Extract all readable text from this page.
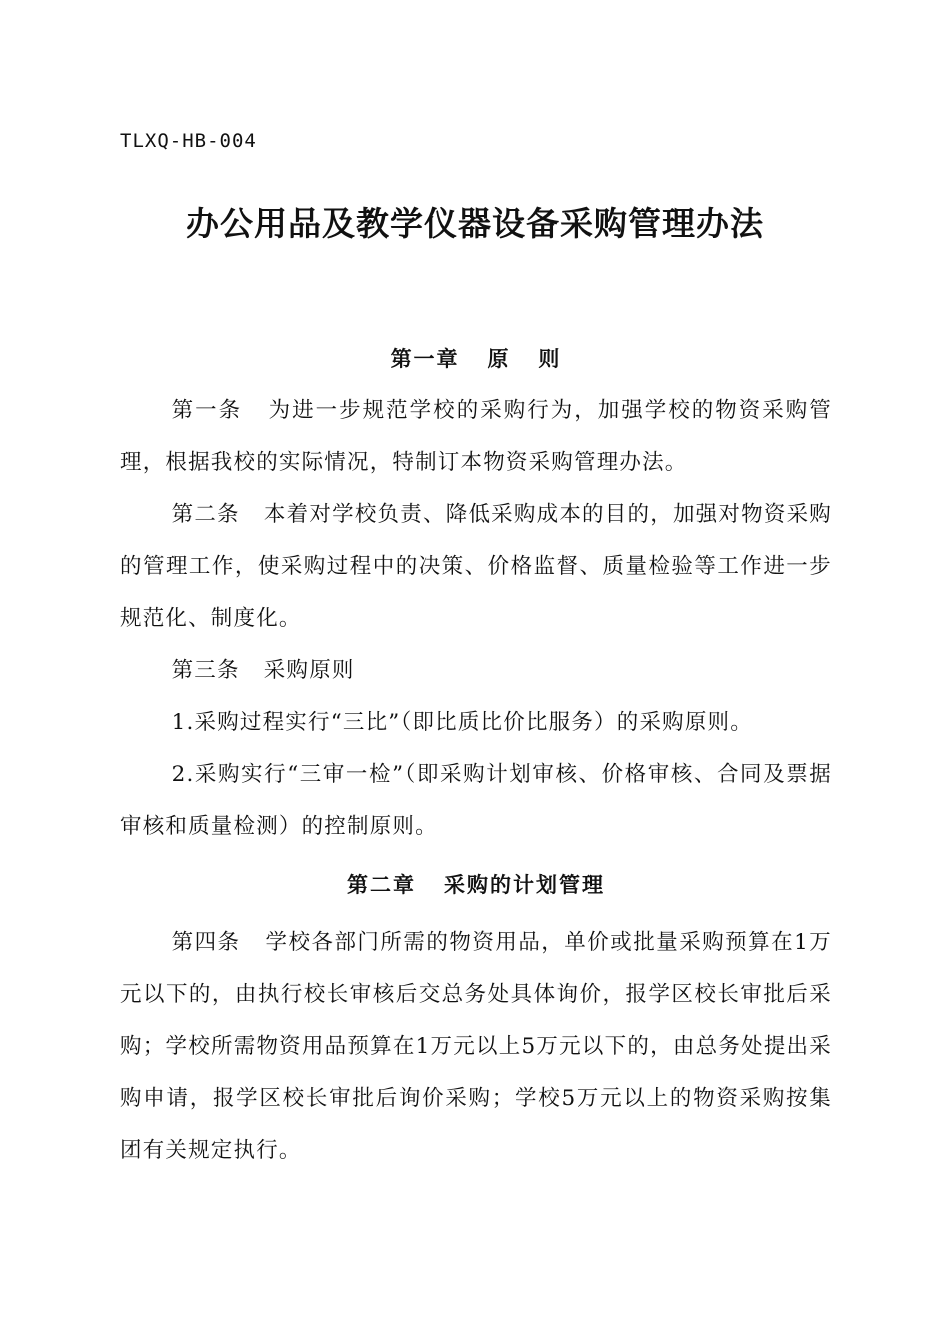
TLXQ-HB-004
办公用品及教学仪器设备采购管理办法
第一章   原   则

第一条   为进一步规范学校的采购行为，加强学校的物资采购管理，根据我校的实际情况，特制订本物资采购管理办法。

第二条   本着对学校负责、降低采购成本的目的，加强对物资采购的管理工作，使采购过程中的决策、价格监督、质量检验等工作进一步规范化、制度化。

第三条   采购原则

1.采购过程实行“三比”（即比质比价比服务）的采购原则。

2.采购实行“三审一检”（即采购计划审核、价格审核、合同及票据审核和质量检测）的控制原则。

第二章   采购的计划管理

第四条   学校各部门所需的物资用品，单价或批量采购预算在1万元以下的，由执行校长审核后交总务处具体询价，报学区校长审批后采购；学校所需物资用品预算在1万元以上5万元以下的，由总务处提出采购申请，报学区校长审批后询价采购；学校5万元以上的物资采购按集团有关规定执行。
